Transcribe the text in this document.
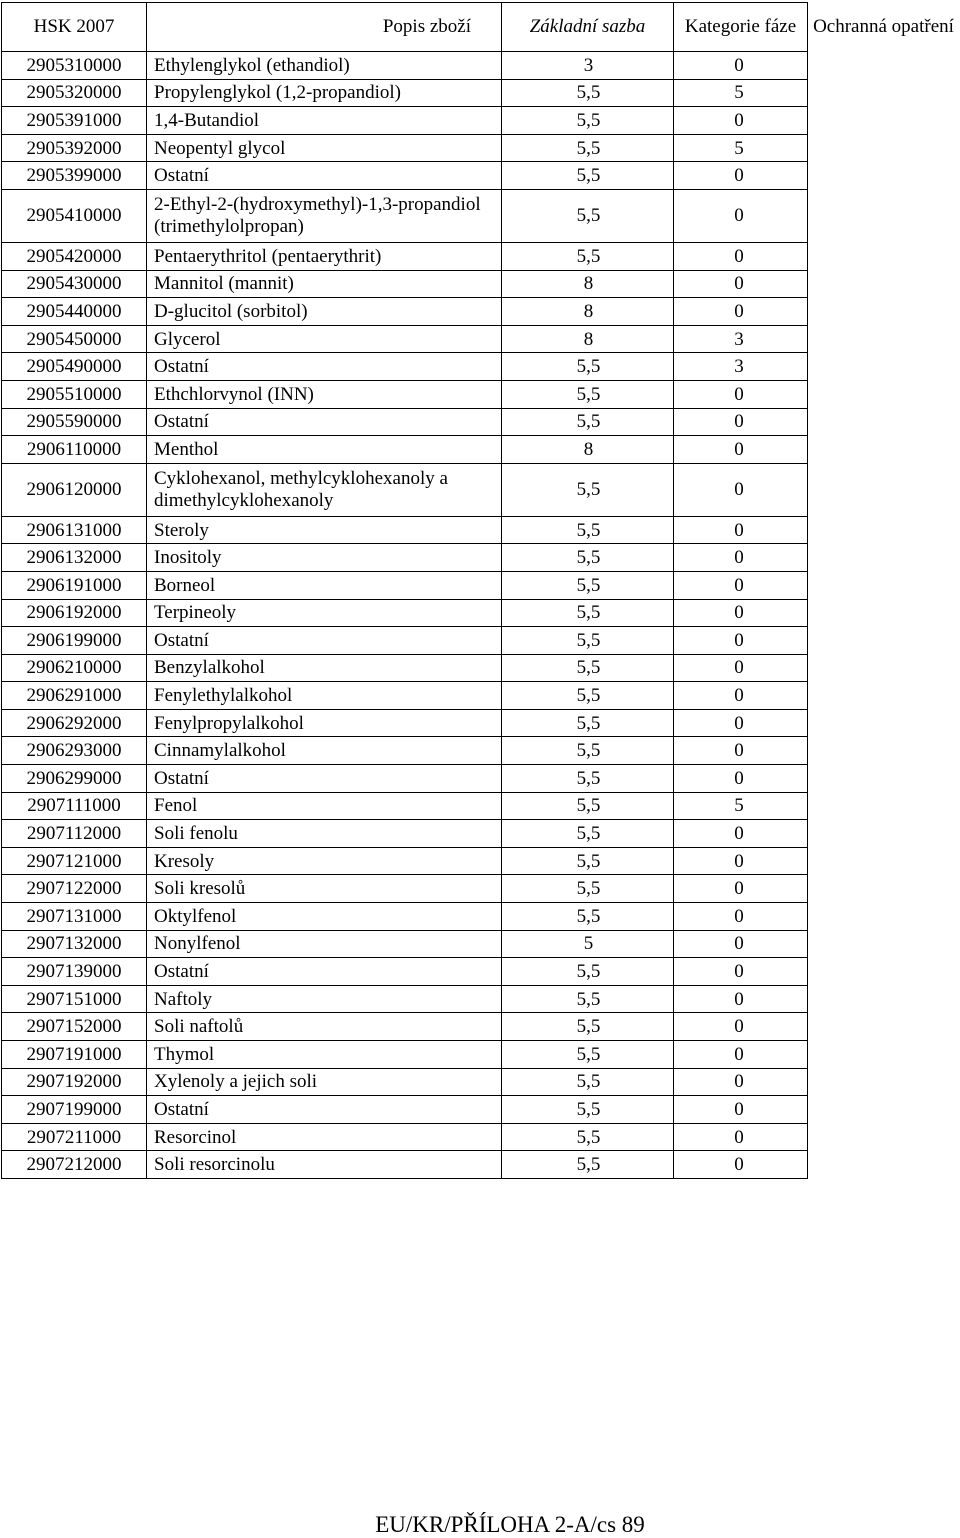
HSK 2007	Popis zboží	Základní sazba	Kategorie fáze	Ochranná opatření
2905310000	Ethylenglykol (ethandiol)	3	0	
2905320000	Propylenglykol (1,2-propandiol)	5,5	5	
2905391000	1,4-Butandiol	5,5	0	
2905392000	Neopentyl glycol	5,5	5	
2905399000	Ostatní	5,5	0	
2905410000	2-Ethyl-2-(hydroxymethyl)-1,3-propandiol (trimethylolpropan)	5,5	0	
2905420000	Pentaerythritol (pentaerythrit)	5,5	0	
2905430000	Mannitol (mannit)	8	0	
2905440000	D-glucitol (sorbitol)	8	0	
2905450000	Glycerol	8	3	
2905490000	Ostatní	5,5	3	
2905510000	Ethchlorvynol (INN)	5,5	0	
2905590000	Ostatní	5,5	0	
2906110000	Menthol	8	0	
2906120000	Cyklohexanol, methylcyklohexanoly a dimethylcyklohexanoly	5,5	0	
2906131000	Steroly	5,5	0	
2906132000	Inositoly	5,5	0	
2906191000	Borneol	5,5	0	
2906192000	Terpineoly	5,5	0	
2906199000	Ostatní	5,5	0	
2906210000	Benzylalkohol	5,5	0	
2906291000	Fenylethylalkohol	5,5	0	
2906292000	Fenylpropylalkohol	5,5	0	
2906293000	Cinnamylalkohol	5,5	0	
2906299000	Ostatní	5,5	0	
2907111000	Fenol	5,5	5	
2907112000	Soli fenolu	5,5	0	
2907121000	Kresoly	5,5	0	
2907122000	Soli kresolů	5,5	0	
2907131000	Oktylfenol	5,5	0	
2907132000	Nonylfenol	5	0	
2907139000	Ostatní	5,5	0	
2907151000	Naftoly	5,5	0	
2907152000	Soli naftolů	5,5	0	
2907191000	Thymol	5,5	0	
2907192000	Xylenoly a jejich soli	5,5	0	
2907199000	Ostatní	5,5	0	
2907211000	Resorcinol	5,5	0	
2907212000	Soli resorcinolu	5,5	0	
EU/KR/PŘÍLOHA 2-A/cs 89
